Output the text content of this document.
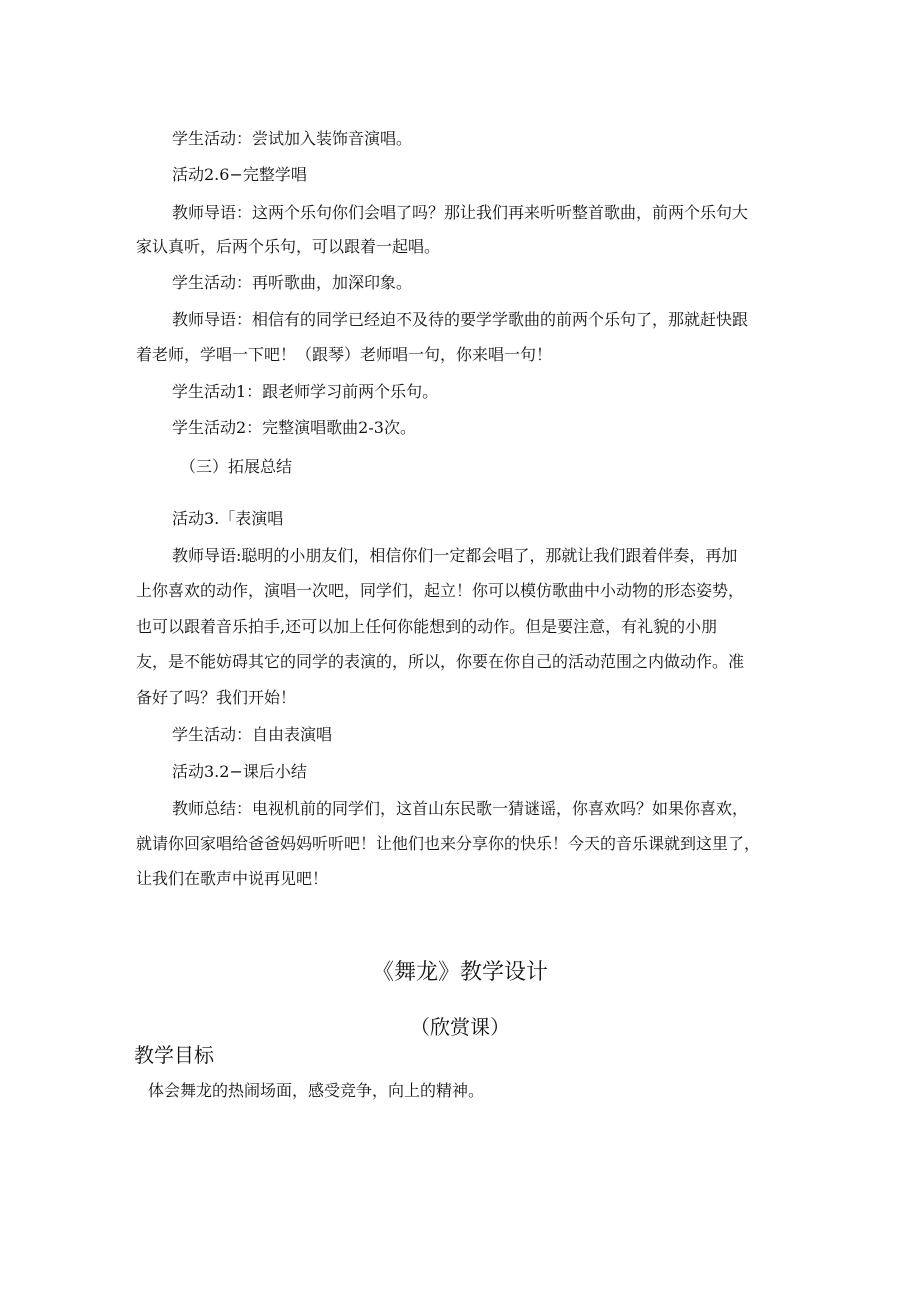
学生活动：尝试加入装饰音演唱。

活动2.6−完整学唱

教师导语：这两个乐句你们会唱了吗？那让我们再来听听整首歌曲，前两个乐句大

家认真听，后两个乐句，可以跟着一起唱。

学生活动：再听歌曲，加深印象。

教师导语：相信有的同学已经迫不及待的要学学歌曲的前两个乐句了，那就赶快跟

着老师，学唱一下吧！（跟琴）老师唱一句，你来唱一句！

学生活动1：跟老师学习前两个乐句。

学生活动2：完整演唱歌曲2-3次。

（三）拓展总结

活动3.「表演唱

教师导语:聪明的小朋友们，相信你们一定都会唱了，那就让我们跟着伴奏，再加

上你喜欢的动作，演唱一次吧，同学们，起立！你可以模仿歌曲中小动物的形态姿势，

也可以跟着音乐拍手,还可以加上任何你能想到的动作。但是要注意，有礼貌的小朋

友，是不能妨碍其它的同学的表演的，所以，你要在你自己的活动范围之内做动作。准

备好了吗？我们开始！

学生活动：自由表演唱

活动3.2−课后小结

教师总结：电视机前的同学们，这首山东民歌一猜谜谣，你喜欢吗？如果你喜欢，

就请你回家唱给爸爸妈妈听听吧！让他们也来分享你的快乐！今天的音乐课就到这里了，

让我们在歌声中说再见吧！

《舞龙》教学设计
（欣赏课）
教学目标

体会舞龙的热闹场面，感受竞争，向上的精神。
